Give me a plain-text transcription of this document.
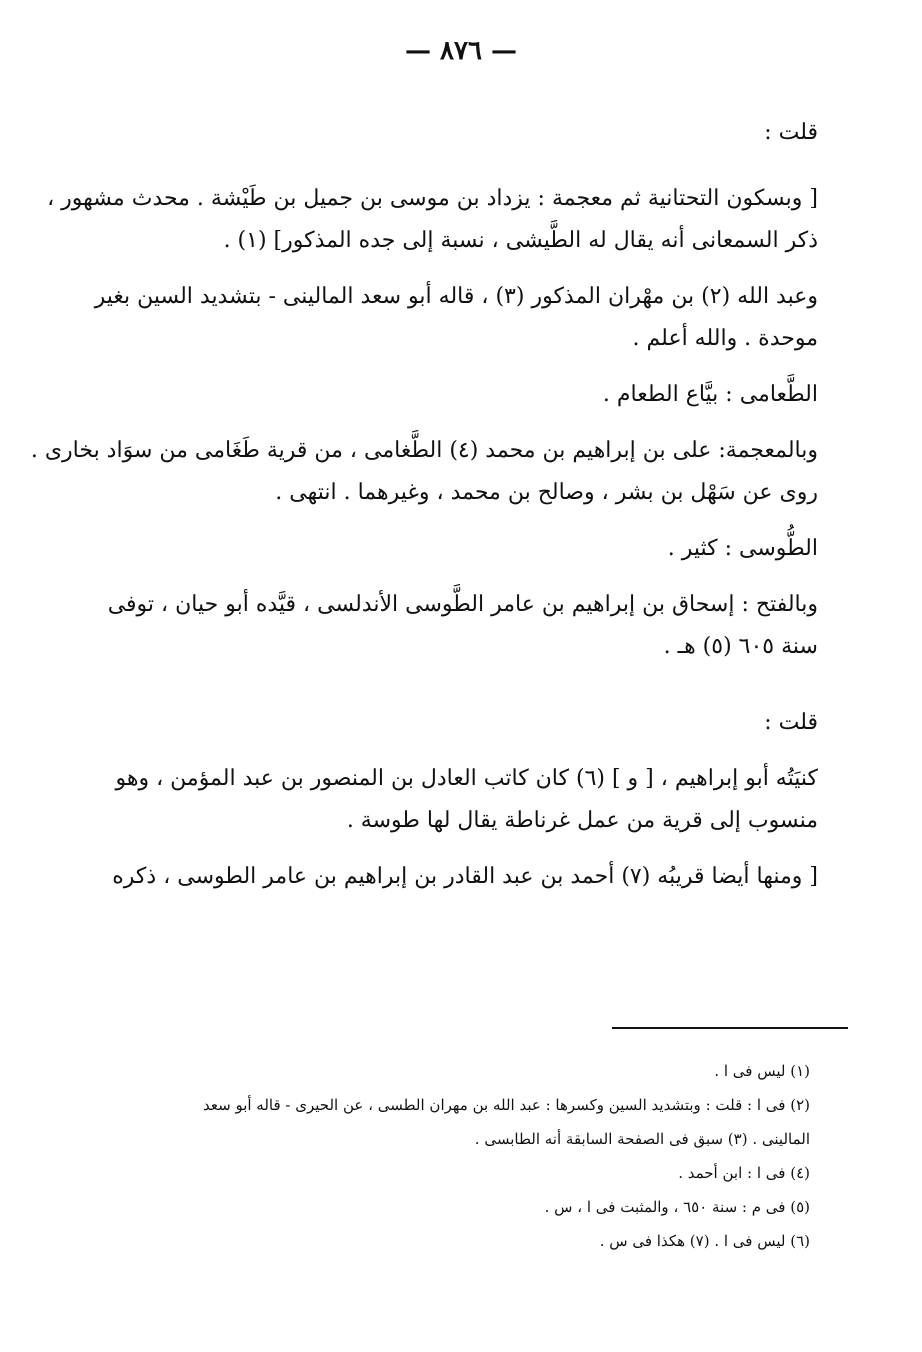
— ٨٧٦ —
قلت :
[ وبسكون التحتانية ثم معجمة : يزداد بن موسى بن جميل بن طَيْشة . محدث مشهور ،
ذكر السمعانى أنه يقال له الطَّيشى ، نسبة إلى جده المذكور] (١) .
وعبد الله (٢) بن مهْران المذكور (٣) ، قاله أبو سعد المالينى - بتشديد السين بغير
موحدة . والله أعلم .
الطَّعامى : بيَّاع الطعام .
وبالمعجمة: على بن إبراهيم بن محمد (٤) الطَّغامى ، من قرية طَغَامى من سوَاد بخارى .
روى عن سَهْل بن بشر ، وصالح بن محمد ، وغيرهما . انتهى .
الطُّوسى : كثير .
وبالفتح : إسحاق بن إبراهيم بن عامر الطَّوسى الأندلسى ، قيَّده أبو حيان ، توفى
سنة ٦٠٥ (٥) هـ .
قلت :
كنيَتُه أبو إبراهيم ، [ و ] (٦) كان كاتب العادل بن المنصور بن عبد المؤمن ، وهو
منسوب إلى قرية من عمل غرناطة يقال لها طوسة .
[ ومنها أيضا قريبُه (٧) أحمد بن عبد القادر بن إبراهيم بن عامر الطوسى ، ذكره
(١) ليس فى ا .
(٢) فى ا : قلت : وبتشديد السين وكسرها : عبد الله بن مهران الطسى ، عن الحيرى - قاله أبو سعد
المالينى . (٣) سبق فى الصفحة السابقة أنه الطابسى .
(٤) فى ا : ابن أحمد .
(٥) فى م : سنة ٦٥٠ ، والمثبت فى ا ، س .
(٦) ليس فى ا . (٧) هكذا فى س .
